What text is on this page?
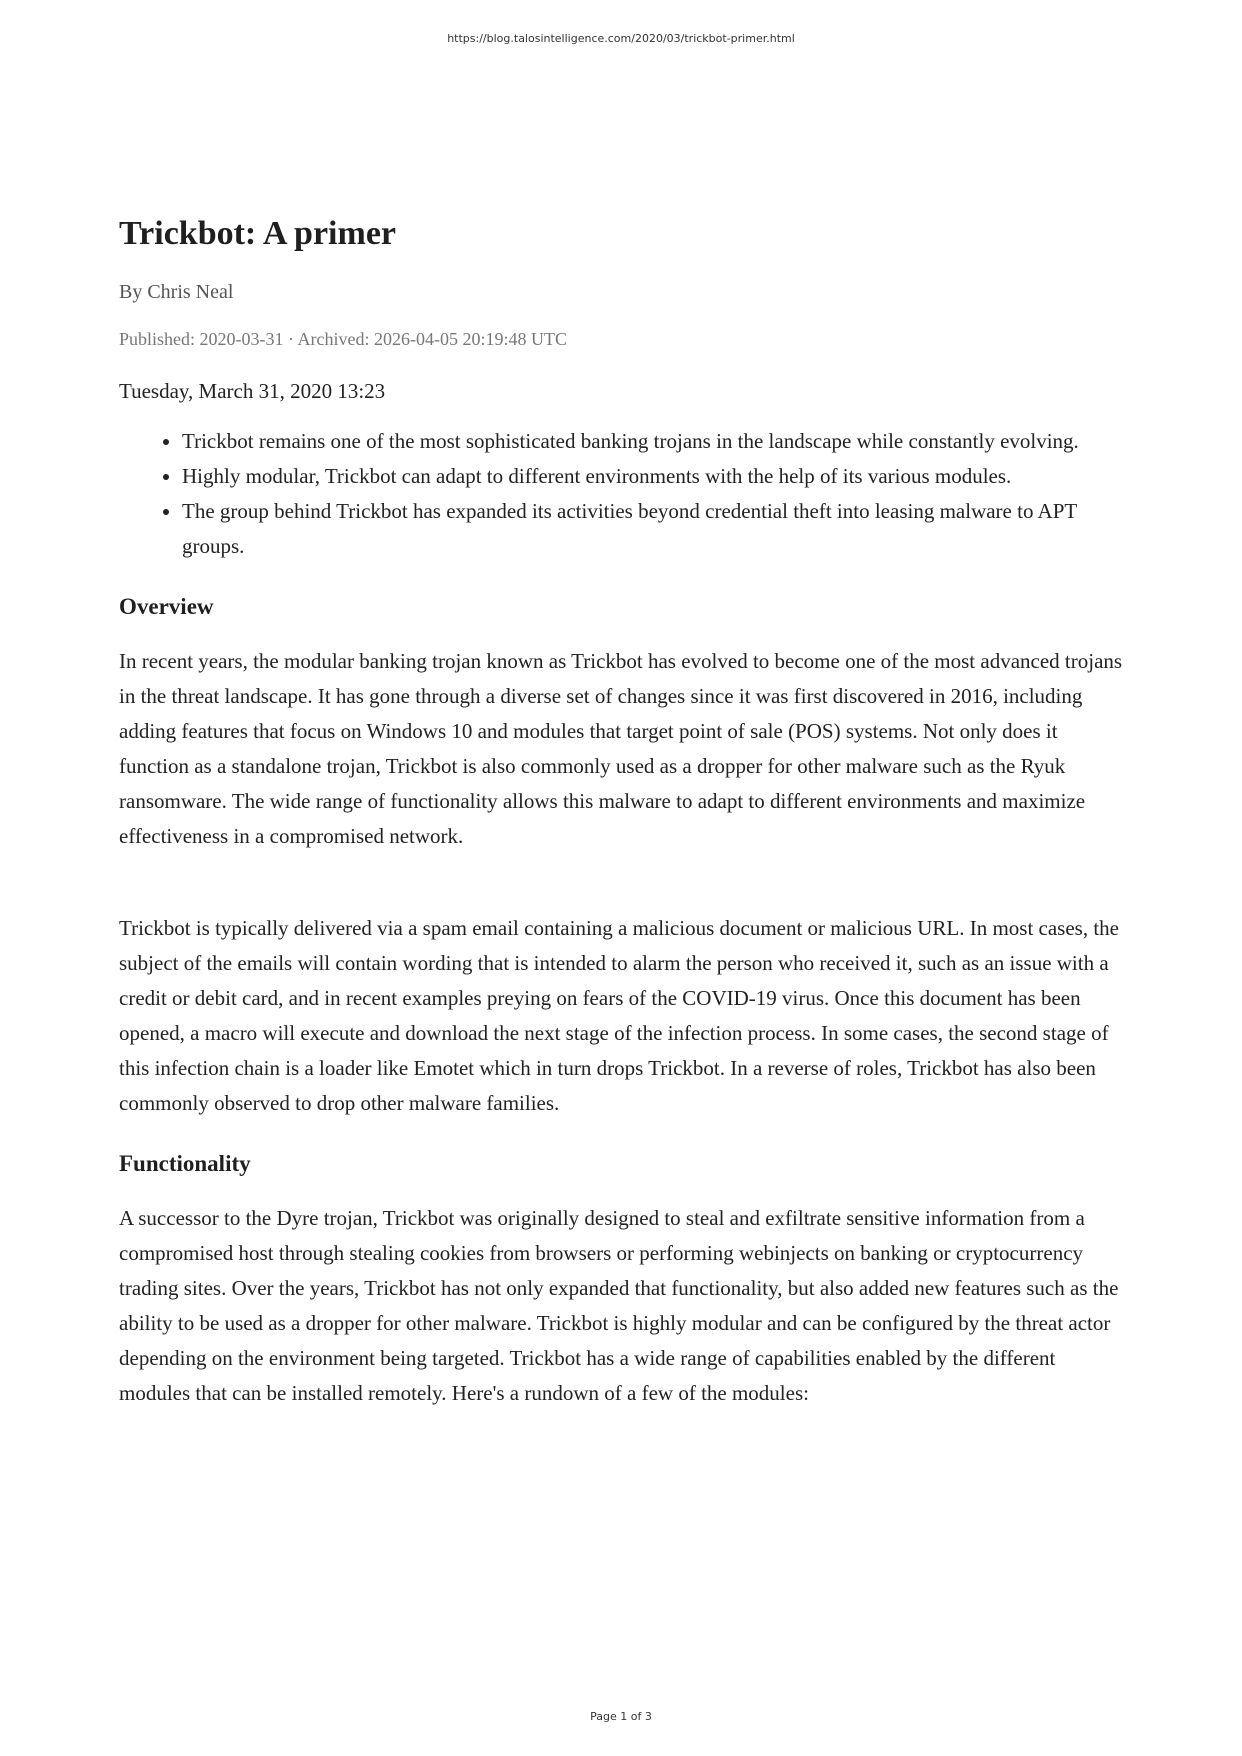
https://blog.talosintelligence.com/2020/03/trickbot-primer.html
Trickbot: A primer

By Chris Neal

Published: 2020-03-31 · Archived: 2026-04-05 20:19:48 UTC

Tuesday, March 31, 2020 13:23

• Trickbot remains one of the most sophisticated banking trojans in the landscape while constantly evolving.
• Highly modular, Trickbot can adapt to different environments with the help of its various modules.
• The group behind Trickbot has expanded its activities beyond credential theft into leasing malware to APT groups.
Overview

In recent years, the modular banking trojan known as Trickbot has evolved to become one of the most advanced trojans in the threat landscape. It has gone through a diverse set of changes since it was first discovered in 2016, including adding features that focus on Windows 10 and modules that target point of sale (POS) systems. Not only does it function as a standalone trojan, Trickbot is also commonly used as a dropper for other malware such as the Ryuk ransomware. The wide range of functionality allows this malware to adapt to different environments and maximize effectiveness in a compromised network.

Trickbot is typically delivered via a spam email containing a malicious document or malicious URL. In most cases, the subject of the emails will contain wording that is intended to alarm the person who received it, such as an issue with a credit or debit card, and in recent examples preying on fears of the COVID-19 virus. Once this document has been opened, a macro will execute and download the next stage of the infection process. In some cases, the second stage of this infection chain is a loader like Emotet which in turn drops Trickbot. In a reverse of roles, Trickbot has also been commonly observed to drop other malware families.

Functionality

A successor to the Dyre trojan, Trickbot was originally designed to steal and exfiltrate sensitive information from a compromised host through stealing cookies from browsers or performing webinjects on banking or cryptocurrency trading sites. Over the years, Trickbot has not only expanded that functionality, but also added new features such as the ability to be used as a dropper for other malware. Trickbot is highly modular and can be configured by the threat actor depending on the environment being targeted. Trickbot has a wide range of capabilities enabled by the different modules that can be installed remotely. Here's a rundown of a few of the modules:

Page 1 of 3
